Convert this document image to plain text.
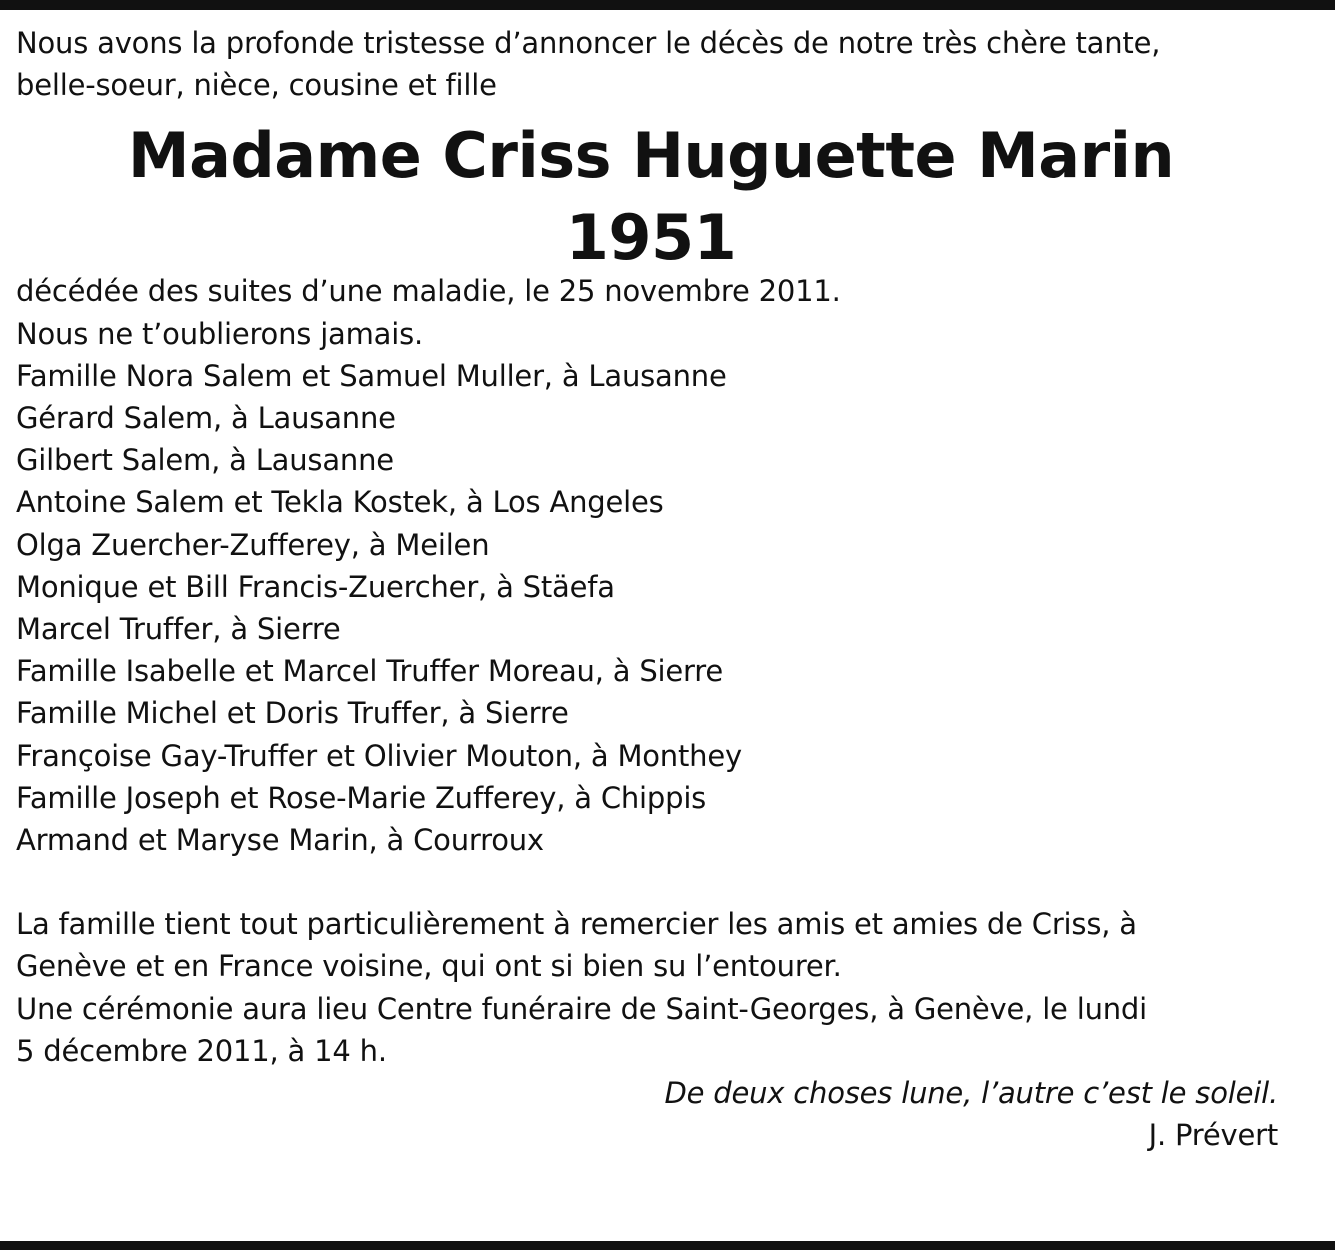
Nous avons la profonde tristesse d’annoncer le décès de notre très chère tante,
belle-soeur, nièce, cousine et fille
Madame Criss Huguette Marin
1951
décédée des suites d’une maladie, le 25 novembre 2011.
Nous ne t’oublierons jamais.
Famille Nora Salem et Samuel Muller, à Lausanne
Gérard Salem, à Lausanne
Gilbert Salem, à Lausanne
Antoine Salem et Tekla Kostek, à Los Angeles
Olga Zuercher-Zufferey, à Meilen
Monique et Bill Francis-Zuercher, à Stäefa
Marcel Truffer, à Sierre
Famille Isabelle et Marcel Truffer Moreau, à Sierre
Famille Michel et Doris Truffer, à Sierre
Françoise Gay-Truffer et Olivier Mouton, à Monthey
Famille Joseph et Rose-Marie Zufferey, à Chippis
Armand et Maryse Marin, à Courroux
La famille tient tout particulièrement à remercier les amis et amies de Criss, à
Genève et en France voisine, qui ont si bien su l’entourer.
Une cérémonie aura lieu Centre funéraire de Saint-Georges, à Genève, le lundi
5 décembre 2011, à 14 h.
De deux choses lune, l’autre c’est le soleil.
J. Prévert
